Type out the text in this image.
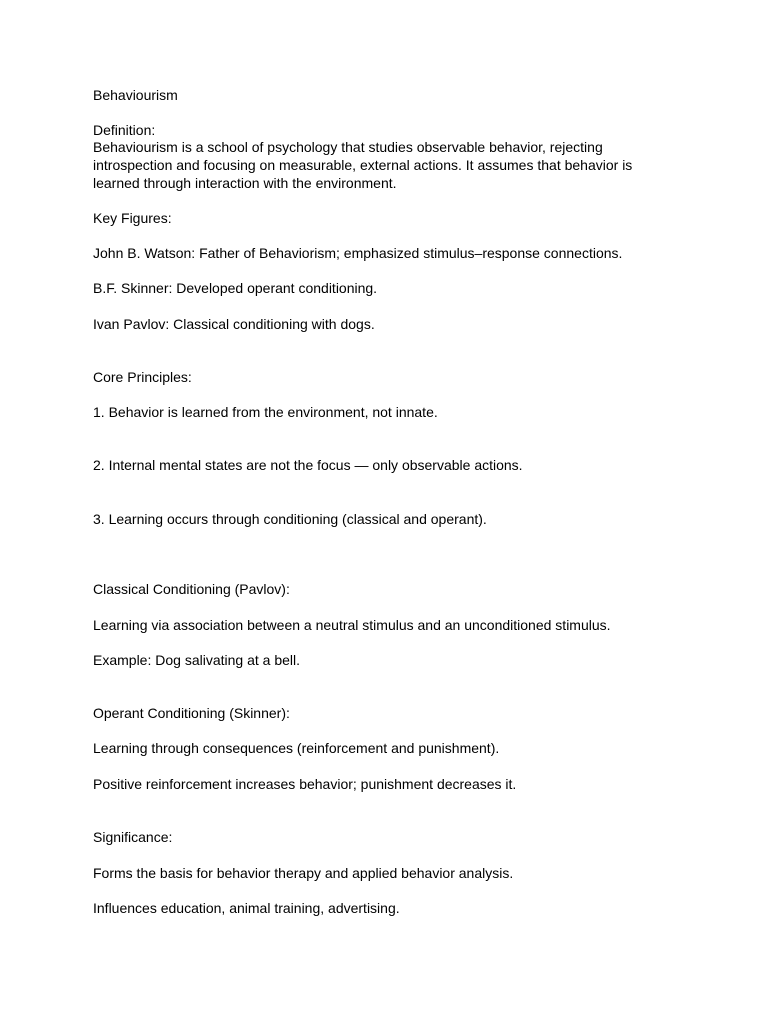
Behaviourism
Definition:
Behaviourism is a school of psychology that studies observable behavior, rejecting
introspection and focusing on measurable, external actions. It assumes that behavior is
learned through interaction with the environment.
Key Figures:
John B. Watson: Father of Behaviorism; emphasized stimulus–response connections.
B.F. Skinner: Developed operant conditioning.
Ivan Pavlov: Classical conditioning with dogs.
Core Principles:
1. Behavior is learned from the environment, not innate.
2. Internal mental states are not the focus — only observable actions.
3. Learning occurs through conditioning (classical and operant).
Classical Conditioning (Pavlov):
Learning via association between a neutral stimulus and an unconditioned stimulus.
Example: Dog salivating at a bell.
Operant Conditioning (Skinner):
Learning through consequences (reinforcement and punishment).
Positive reinforcement increases behavior; punishment decreases it.
Significance:
Forms the basis for behavior therapy and applied behavior analysis.
Influences education, animal training, advertising.
